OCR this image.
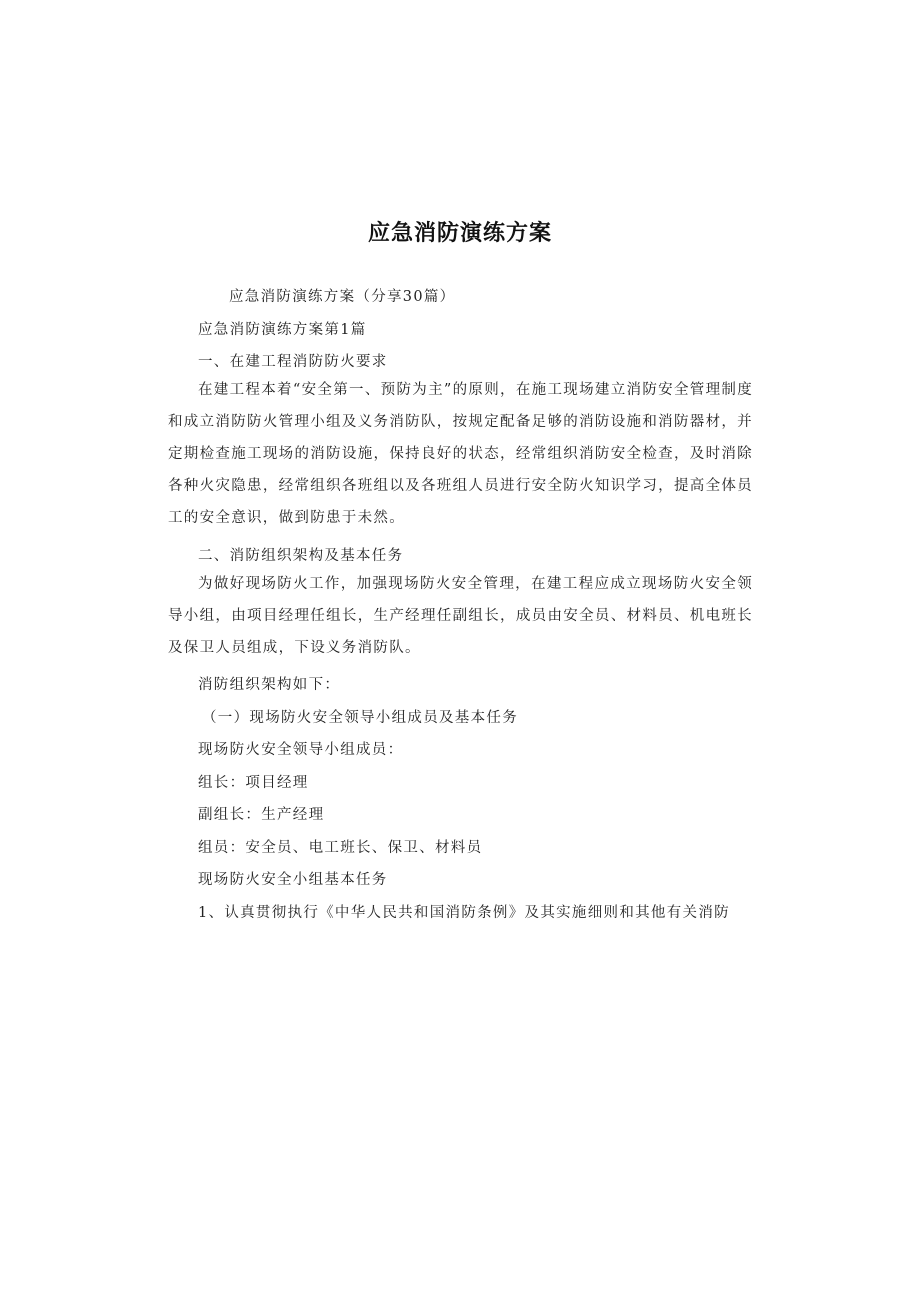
应急消防演练方案
应急消防演练方案（分享30篇）
应急消防演练方案第1篇
一、在建工程消防防火要求
在建工程本着“安全第一、预防为主”的原则，在施工现场建立消防安全管理制度和成立消防防火管理小组及义务消防队，按规定配备足够的消防设施和消防器材，并定期检查施工现场的消防设施，保持良好的状态，经常组织消防安全检查，及时消除各种火灾隐患，经常组织各班组以及各班组人员进行安全防火知识学习，提高全体员工的安全意识，做到防患于未然。
二、消防组织架构及基本任务
为做好现场防火工作，加强现场防火安全管理，在建工程应成立现场防火安全领导小组，由项目经理任组长，生产经理任副组长，成员由安全员、材料员、机电班长及保卫人员组成，下设义务消防队。
消防组织架构如下：
（一）现场防火安全领导小组成员及基本任务
现场防火安全领导小组成员：
组长：项目经理
副组长：生产经理
组员：安全员、电工班长、保卫、材料员
现场防火安全小组基本任务
1、认真贯彻执行《中华人民共和国消防条例》及其实施细则和其他有关消防
